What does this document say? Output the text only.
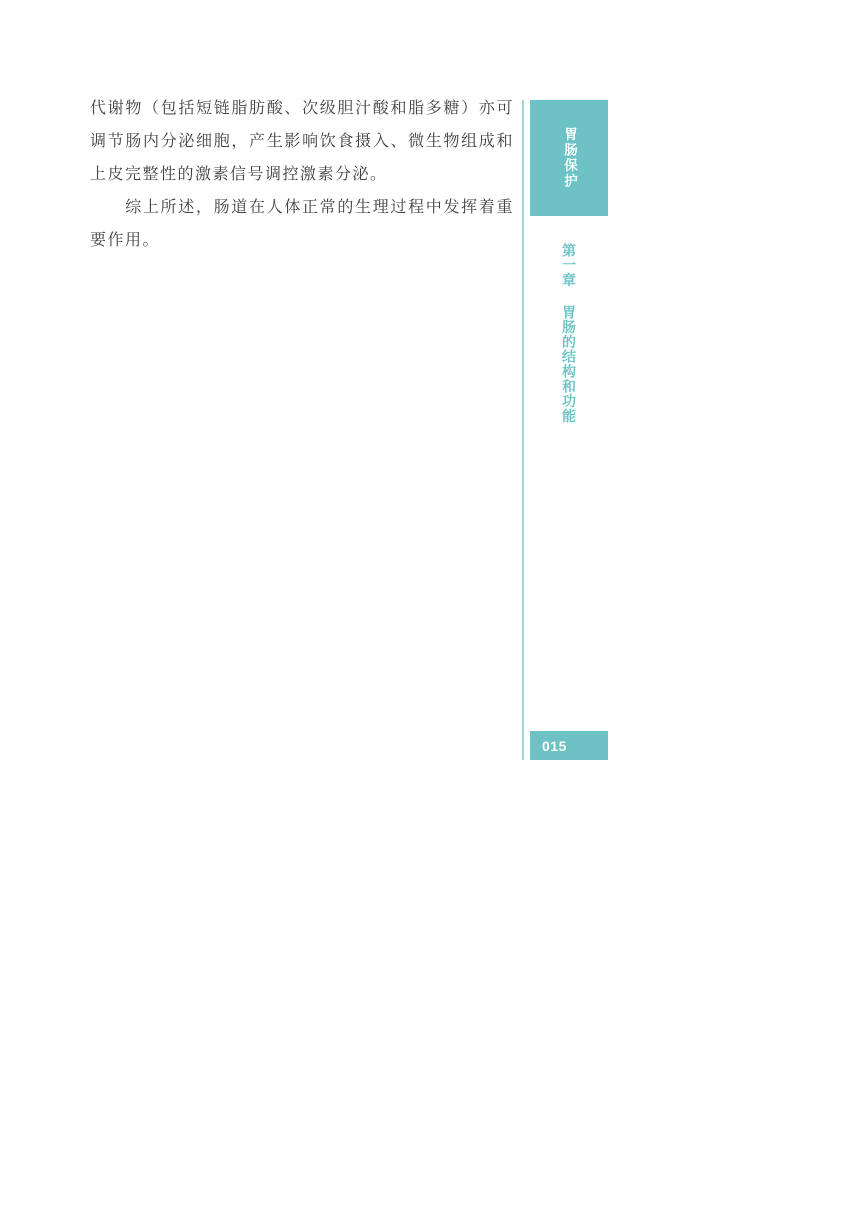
代谢物（包括短链脂肪酸、次级胆汁酸和脂多糖）亦可调节肠内分泌细胞，产生影响饮食摄入、微生物组成和上皮完整性的激素信号调控激素分泌。

综上所述，肠道在人体正常的生理过程中发挥着重要作用。

胃肠保护
第一章 胃肠的结构和功能
015
